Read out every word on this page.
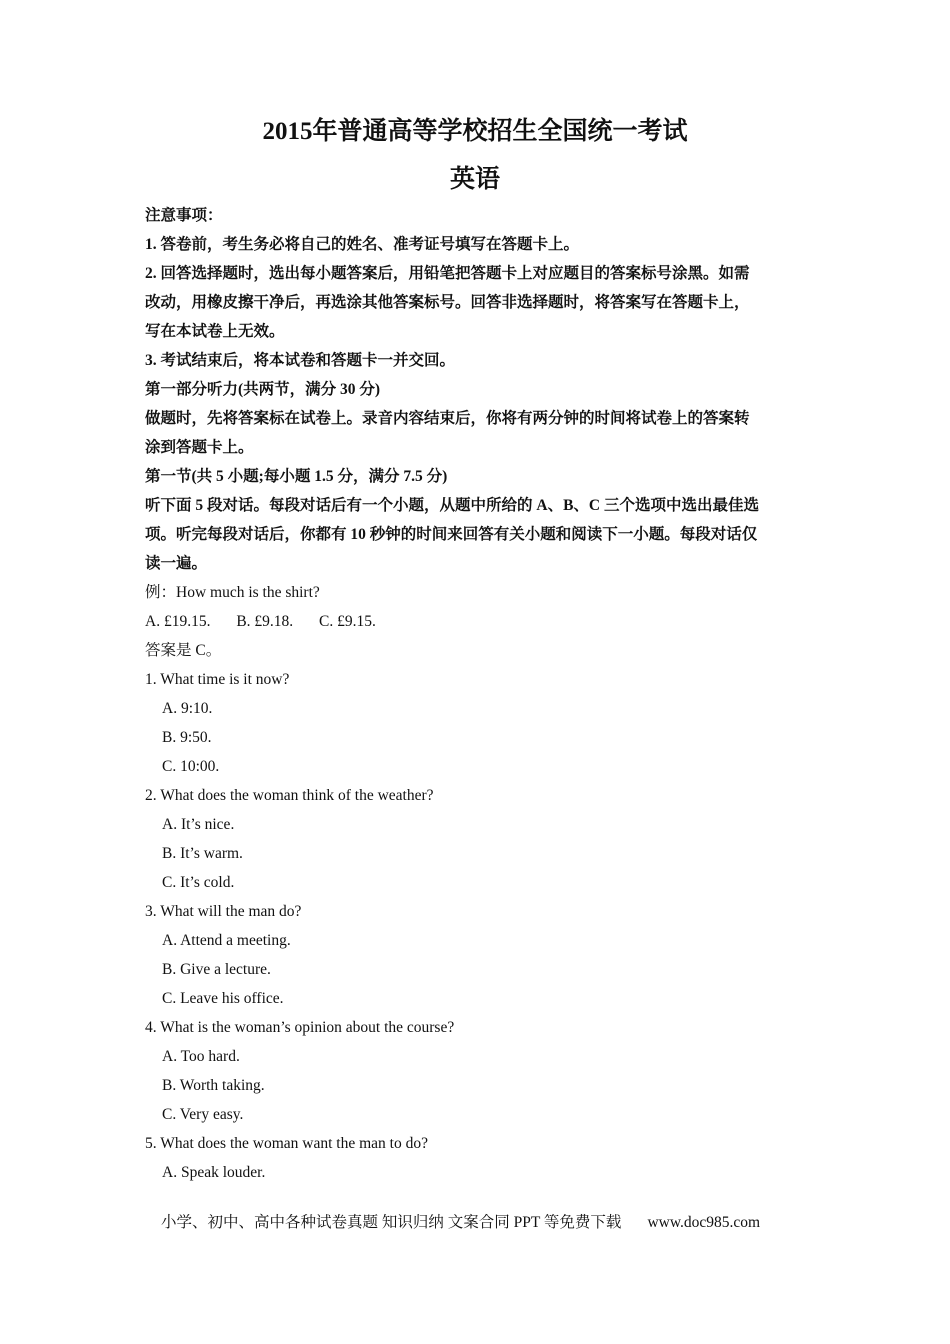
2015年普通高等学校招生全国统一考试
英语
注意事项：
1. 答卷前，考生务必将自己的姓名、准考证号填写在答题卡上。
2. 回答选择题时，选出每小题答案后，用铅笔把答题卡上对应题目的答案标号涂黑。如需
改动，用橡皮擦干净后，再选涂其他答案标号。回答非选择题时，将答案写在答题卡上，
写在本试卷上无效。
3. 考试结束后，将本试卷和答题卡一并交回。
第一部分听力(共两节，满分 30 分)
做题时，先将答案标在试卷上。录音内容结束后，你将有两分钟的时间将试卷上的答案转
涂到答题卡上。
第一节(共 5 小题;每小题 1.5 分，满分 7.5 分)
听下面 5 段对话。每段对话后有一个小题，从题中所给的 A、B、C 三个选项中选出最佳选
项。听完每段对话后，你都有 10 秒钟的时间来回答有关小题和阅读下一小题。每段对话仅
读一遍。
例：How much is the shirt?
A. £19.15. B. £9.18. C. £9.15.
答案是 C。
1. What time is it now?
A. 9:10.
B. 9:50.
C. 10:00.
2. What does the woman think of the weather?
A. It’s nice.
B. It’s warm.
C. It’s cold.
3. What will the man do?
A. Attend a meeting.
B. Give a lecture.
C. Leave his office.
4. What is the woman’s opinion about the course?
A. Too hard.
B. Worth taking.
C. Very easy.
5. What does the woman want the man to do?
A. Speak louder.
小学、初中、高中各种试卷真题 知识归纳 文案合同 PPT 等免费下载 www.doc985.com
